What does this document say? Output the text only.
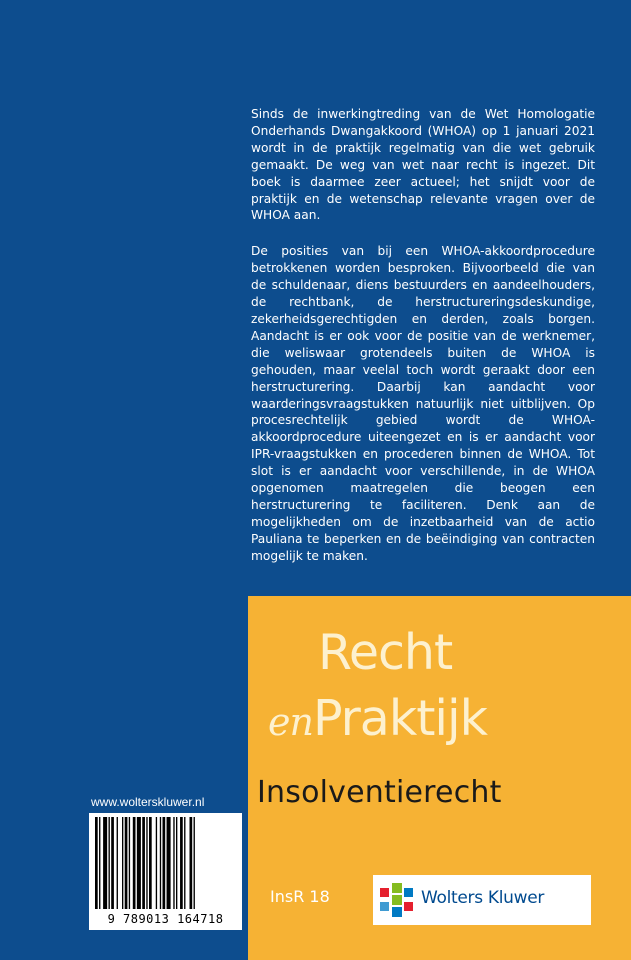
Sinds de inwerkingtreding van de Wet Homologatie Onderhands Dwangakkoord (WHOA) op 1 januari 2021 wordt in de praktijk regelmatig van die wet gebruik gemaakt. De weg van wet naar recht is ingezet. Dit boek is daarmee zeer actueel; het snijdt voor de praktijk en de wetenschap relevante vragen over de WHOA aan.

De posities van bij een WHOA-akkoordprocedure betrokkenen worden besproken. Bijvoorbeeld die van de schuldenaar, diens bestuurders en aandeelhouders, de rechtbank, de herstructureringsdeskundige, zekerheidsgerechtigden en derden, zoals borgen. Aandacht is er ook voor de positie van de werknemer, die weliswaar grotendeels buiten de WHOA is gehouden, maar veelal toch wordt geraakt door een herstructurering. Daarbij kan aandacht voor waarderingsvraagstukken natuurlijk niet uitblijven. Op procesrechtelijk gebied wordt de WHOA-akkoordprocedure uiteengezet en is er aandacht voor IPR-vraagstukken en procederen binnen de WHOA. Tot slot is er aandacht voor verschillende, in de WHOA opgenomen maatregelen die beogen een herstructurering te faciliteren. Denk aan de mogelijkheden om de inzetbaarheid van de actio Pauliana te beperken en de beëindiging van contracten mogelijk te maken.

www.wolterskluwer.nl
9 789013 164718
Recht
enPraktijk
Insolventierecht
InsR 18	Wolters Kluwer
